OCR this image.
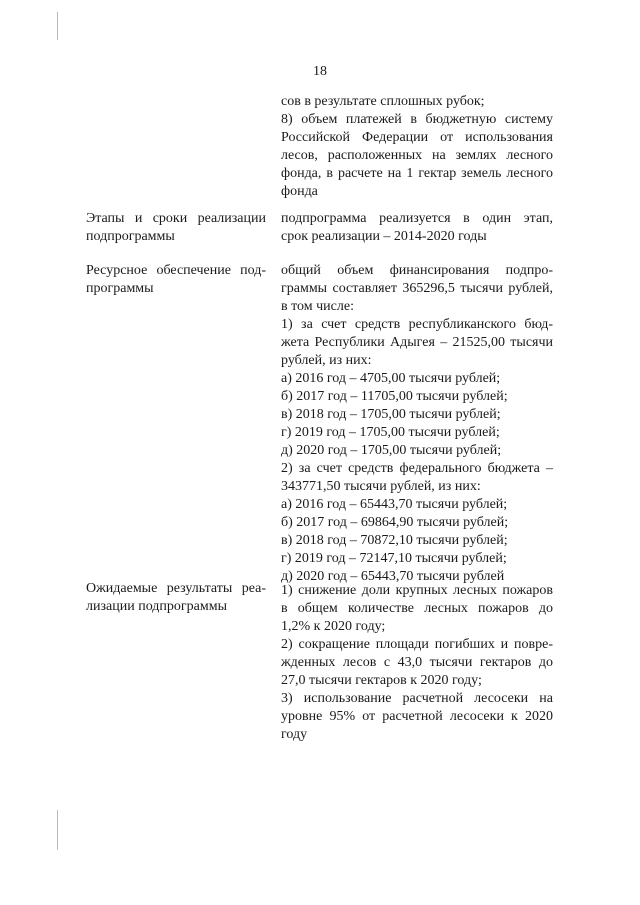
18
сов в результате сплошных рубок;
8) объем платежей в бюджетную систему
Российской Федерации от использования
лесов, расположенных на землях лесного
фонда, в расчете на 1 гектар земель лесного
фонда
Этапы и сроки реализации
подпрограммы
подпрограмма реализуется в один этап,
срок реализации – 2014-2020 годы
Ресурсное обеспечение под-
программы
общий объем финансирования подпро-
граммы составляет 365296,5 тысячи рублей,
в том числе:
1) за счет средств республиканского бюд-
жета Республики Адыгея – 21525,00 тысячи
рублей, из них:
а) 2016 год – 4705,00 тысячи рублей;
б) 2017 год – 11705,00 тысячи рублей;
в) 2018 год – 1705,00 тысячи рублей;
г) 2019 год – 1705,00 тысячи рублей;
д) 2020 год – 1705,00 тысячи рублей;
2) за счет средств федерального бюджета –
343771,50 тысячи рублей, из них:
а) 2016 год – 65443,70 тысячи рублей;
б) 2017 год – 69864,90 тысячи рублей;
в) 2018 год – 70872,10 тысячи рублей;
г) 2019 год – 72147,10 тысячи рублей;
д) 2020 год – 65443,70 тысячи рублей
Ожидаемые результаты реа-
лизации подпрограммы
1) снижение доли крупных лесных пожаров
в общем количестве лесных пожаров до
1,2% к 2020 году;
2) сокращение площади погибших и повре-
жденных лесов с 43,0 тысячи гектаров до
27,0 тысячи гектаров к 2020 году;
3) использование расчетной лесосеки на
уровне 95% от расчетной лесосеки к 2020
году
